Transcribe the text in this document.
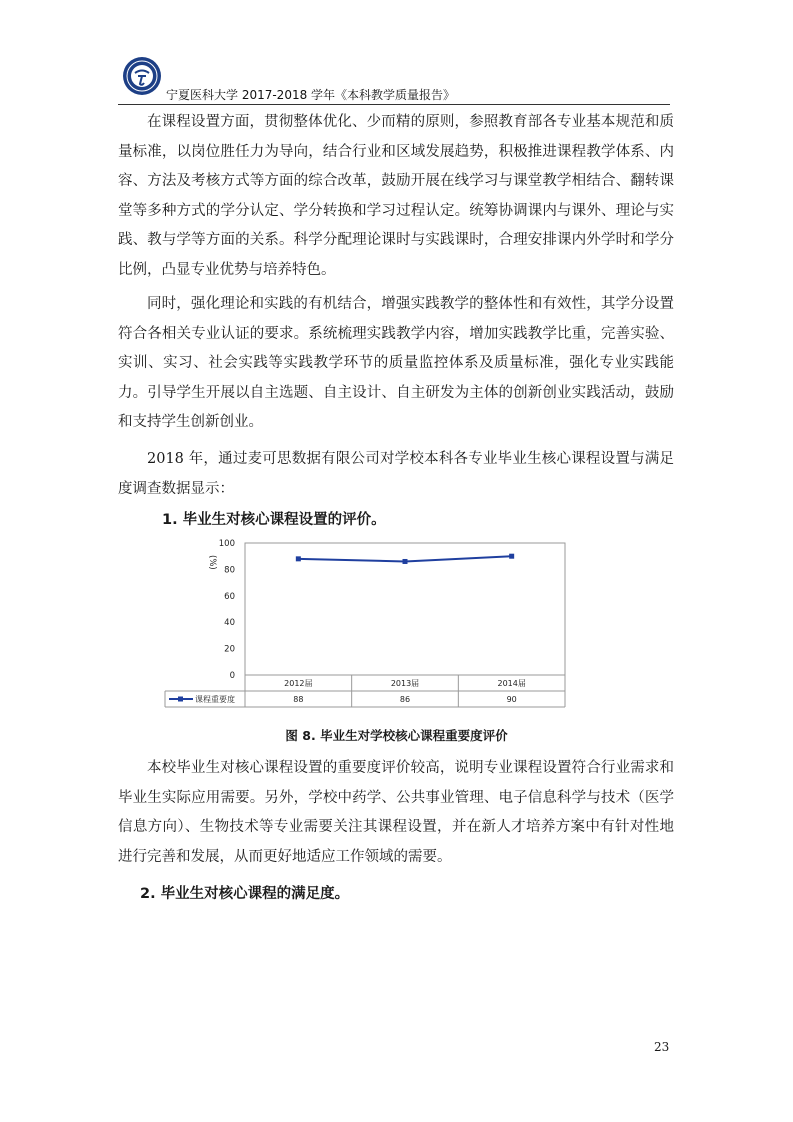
宁夏医科大学 2017-2018 学年《本科教学质量报告》

在课程设置方面，贯彻整体优化、少而精的原则，参照教育部各专业基本规范和质量标准，以岗位胜任力为导向，结合行业和区域发展趋势，积极推进课程教学体系、内容、方法及考核方式等方面的综合改革，鼓励开展在线学习与课堂教学相结合、翻转课堂等多种方式的学分认定、学分转换和学习过程认定。统筹协调课内与课外、理论与实践、教与学等方面的关系。科学分配理论课时与实践课时，合理安排课内外学时和学分比例，凸显专业优势与培养特色。

同时，强化理论和实践的有机结合，增强实践教学的整体性和有效性，其学分设置符合各相关专业认证的要求。系统梳理实践教学内容，增加实践教学比重，完善实验、实训、实习、社会实践等实践教学环节的质量监控体系及质量标准，强化专业实践能力。引导学生开展以自主选题、自主设计、自主研发为主体的创新创业实践活动，鼓励和支持学生创新创业。

2018 年，通过麦可思数据有限公司对学校本科各专业毕业生核心课程设置与满足度调查数据显示：

1. 毕业生对核心课程设置的评价。
0
20
40
60
80
100
(%)
2012届	2013届	2014届
课程重要度	88	86	90
图 8. 毕业生对学校核心课程重要度评价

本校毕业生对核心课程设置的重要度评价较高，说明专业课程设置符合行业需求和毕业生实际应用需要。另外，学校中药学、公共事业管理、电子信息科学与技术（医学信息方向）、生物技术等专业需要关注其课程设置，并在新人才培养方案中有针对性地进行完善和发展，从而更好地适应工作领域的需要。

2. 毕业生对核心课程的满足度。
23
